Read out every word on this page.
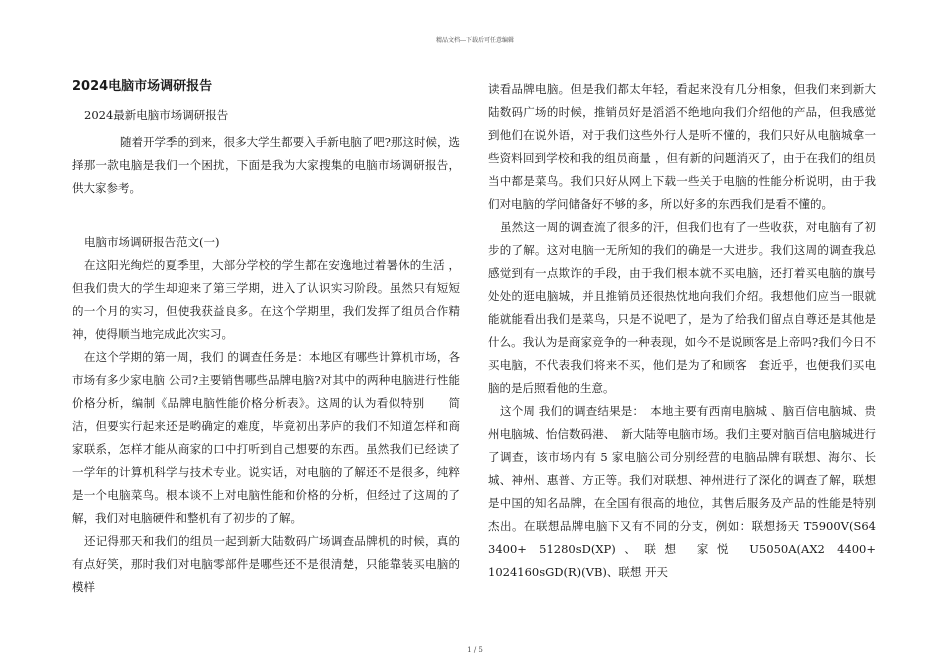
精品文档---下载后可任意编辑
2024电脑市场调研报告

2024最新电脑市场调研报告

随着开学季的到来，很多大学生都要入手新电脑了吧?那这时候，选择那一款电脑是我们一个困扰，下面是我为大家搜集的电脑市场调研报告，供大家参考。

电脑市场调研报告范文(一)

在这阳光绚烂的夏季里，大部分学校的学生都在安逸地过着暑休的生活 ，但我们贵大的学生却迎来了第三学期，进入了认识实习阶段。虽然只有短短的一个月的实习，但使我获益良多。在这个学期里，我们发挥了组员合作精神，使得顺当地完成此次实习。

在这个学期的第一周，我们 的调查任务是：本地区有哪些计算机市场，各市场有多少家电脑 公司?主要销售哪些品牌电脑?对其中的两种电脑进行性能价格分析，编制《品牌电脑性能价格分析表》。这周的认为看似特别　　简洁，但要实行起来还是哟确定的难度，毕竟初出茅庐的我们不知道怎样和商家联系，怎样才能从商家的口中打听到自己想要的东西。虽然我们已经读了一学年的计算机科学与技术专业。说实话，对电脑的了解还不是很多，纯粹是一个电脑菜鸟。根本谈不上对电脑性能和价格的分析，但经过了这周的了解，我们对电脑硬件和整机有了初步的了解。

还记得那天和我们的组员一起到新大陆数码广场调查品牌机的时候，真的有点好笑，那时我们对电脑零部件是哪些还不是很清楚，只能靠装买电脑的模样

读看品牌电脑。但是我们都太年轻，看起来没有几分相象，但我们来到新大陆数码广场的时候，推销员好是滔滔不绝地向我们介绍他的产品，但我感觉到他们在说外语，对于我们这些外行人是听不懂的，我们只好从电脑城拿一些资料回到学校和我的组员商量 ，但有新的问题消灭了，由于在我们的组员当中都是菜鸟。我们只好从网上下载一些关于电脑的性能分析说明，由于我们对电脑的学问储备好不够的多，所以好多的东西我们是看不懂的。

虽然这一周的调查流了很多的汗，但我们也有了一些收获，对电脑有了初步的了解。这对电脑一无所知的我们的确是一大进步。我们这周的调查我总感觉到有一点欺诈的手段，由于我们根本就不买电脑，还打着买电脑的旗号处处的逛电脑城，并且推销员还很热忱地向我们介绍。我想他们应当一眼就能就能看出我们是菜鸟，只是不说吧了，是为了给我们留点自尊还是其他是什么。我认为是商家竞争的一种表现，如今不是说顾客是上帝吗?我们今日不买电脑，不代表我们将来不买，他们是为了和顾客　套近乎，也便我们买电脑的是后照看他的生意。

这个周 我们的调查结果是：　本地主要有西南电脑城 、脑百信电脑城、贵州电脑城、怡信数码港、　新大陆等电脑市场。我们主要对脑百信电脑城进行了调查，该市场内有 5 家电脑公司分别经营的电脑品牌有联想、海尔、长城、神州、惠普、方正等。我们对联想、神州进行了深化的调查了解，联想是中国的知名品牌，在全国有很高的地位，其售后服务及产品的性能是特别　　杰出。在联想品牌电脑下又有不同的分支，例如：联想扬天 T5900V(S64 3400+ 51280sD(XP)、联想 家悦 U5050A(AX2 4400+ 1024160sGD(R)(VB)、联想 开天

1 / 5
